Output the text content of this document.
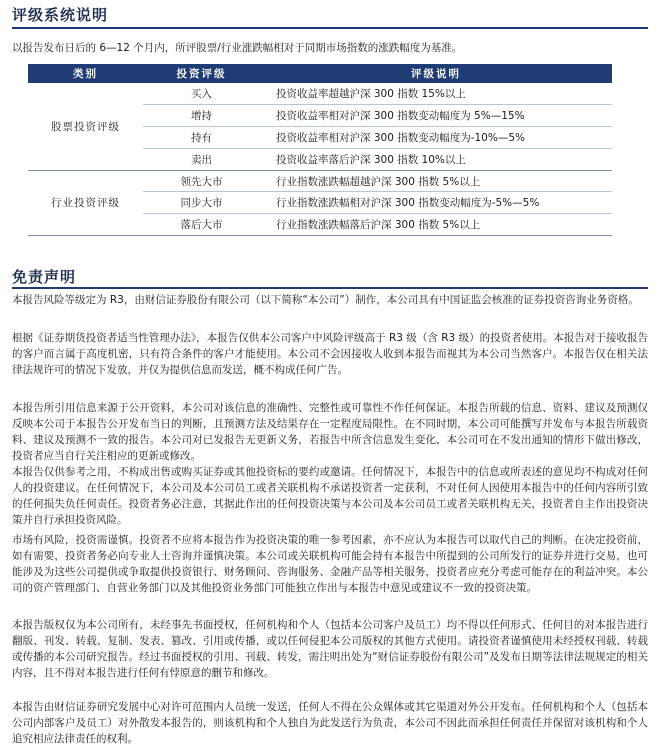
评级系统说明
以报告发布日后的 6—12 个月内，所评股票/行业涨跌幅相对于同期市场指数的涨跌幅度为基准。
类别	投资评级	评级说明
股票投资评级	买入	投资收益率超越沪深 300 指数 15%以上
	增持	投资收益率相对沪深 300 指数变动幅度为 5%—15%
	持有	投资收益率相对沪深 300 指数变动幅度为-10%—5%
	卖出	投资收益率落后沪深 300 指数 10%以上
行业投资评级	领先大市	行业指数涨跌幅超越沪深 300 指数 5%以上
	同步大市	行业指数涨跌幅相对沪深 300 指数变动幅度为-5%—5%
	落后大市	行业指数涨跌幅落后沪深 300 指数 5%以上
免责声明
本报告风险等级定为 R3，由财信证券股份有限公司（以下简称“本公司”）制作，本公司具有中国证监会核准的证券投资咨询业务资格。
根据《证券期货投资者适当性管理办法》，本报告仅供本公司客户中风险评级高于 R3 级（含 R3 级）的投资者使用。本报告对于接收报告的客户而言属于高度机密，只有符合条件的客户才能使用。本公司不会因接收人收到本报告而视其为本公司当然客户。本报告仅在相关法律法规许可的情况下发放，并仅为提供信息而发送，概不构成任何广告。
本报告所引用信息来源于公开资料，本公司对该信息的准确性、完整性或可靠性不作任何保证。本报告所载的信息、资料、建议及预测仅反映本公司于本报告公开发布当日的判断，且预测方法及结果存在一定程度局限性。在不同时期，本公司可能撰写并发布与本报告所载资料、建议及预测不一致的报告。本公司对已发报告无更新义务，若报告中所含信息发生变化，本公司可在不发出通知的情形下做出修改，投资者应当自行关注相应的更新或修改。
本报告仅供参考之用，不构成出售或购买证券或其他投资标的要约或邀请。任何情况下，本报告中的信息或所表述的意见均不构成对任何人的投资建议。在任何情况下，本公司及本公司员工或者关联机构不承诺投资者一定获利，不对任何人因使用本报告中的任何内容所引致的任何损失负任何责任。投资者务必注意，其据此作出的任何投资决策与本公司及本公司员工或者关联机构无关，投资者自主作出投资决策并自行承担投资风险。
市场有风险，投资需谨慎。投资者不应将本报告作为投资决策的唯一参考因素，亦不应认为本报告可以取代自己的判断。在决定投资前，如有需要，投资者务必向专业人士咨询并谨慎决策。本公司或关联机构可能会持有本报告中所提到的公司所发行的证券并进行交易，也可能涉及为这些公司提供或争取提供投资银行、财务顾问、咨询服务、金融产品等相关服务，投资者应充分考虑可能存在的利益冲突。本公司的资产管理部门、自营业务部门以及其他投资业务部门可能独立作出与本报告中意见或建议不一致的投资决策。
本报告版权仅为本公司所有，未经事先书面授权，任何机构和个人（包括本公司客户及员工）均不得以任何形式、任何目的对本报告进行翻版、刊发、转载、复制、发表、篡改、引用或传播，或以任何侵犯本公司版权的其他方式使用。请投资者谨慎使用未经授权刊载、转载或传播的本公司研究报告。经过书面授权的引用、刊载、转发，需注明出处为“财信证券股份有限公司”及发布日期等法律法规规定的相关内容，且不得对本报告进行任何有悖原意的删节和修改。
本报告由财信证券研究发展中心对许可范围内人员统一发送，任何人不得在公众媒体或其它渠道对外公开发布。任何机构和个人（包括本公司内部客户及员工）对外散发本报告的，则该机构和个人独自为此发送行为负责，本公司不因此而承担任何责任并保留对该机构和个人追究相应法律责任的权利。
